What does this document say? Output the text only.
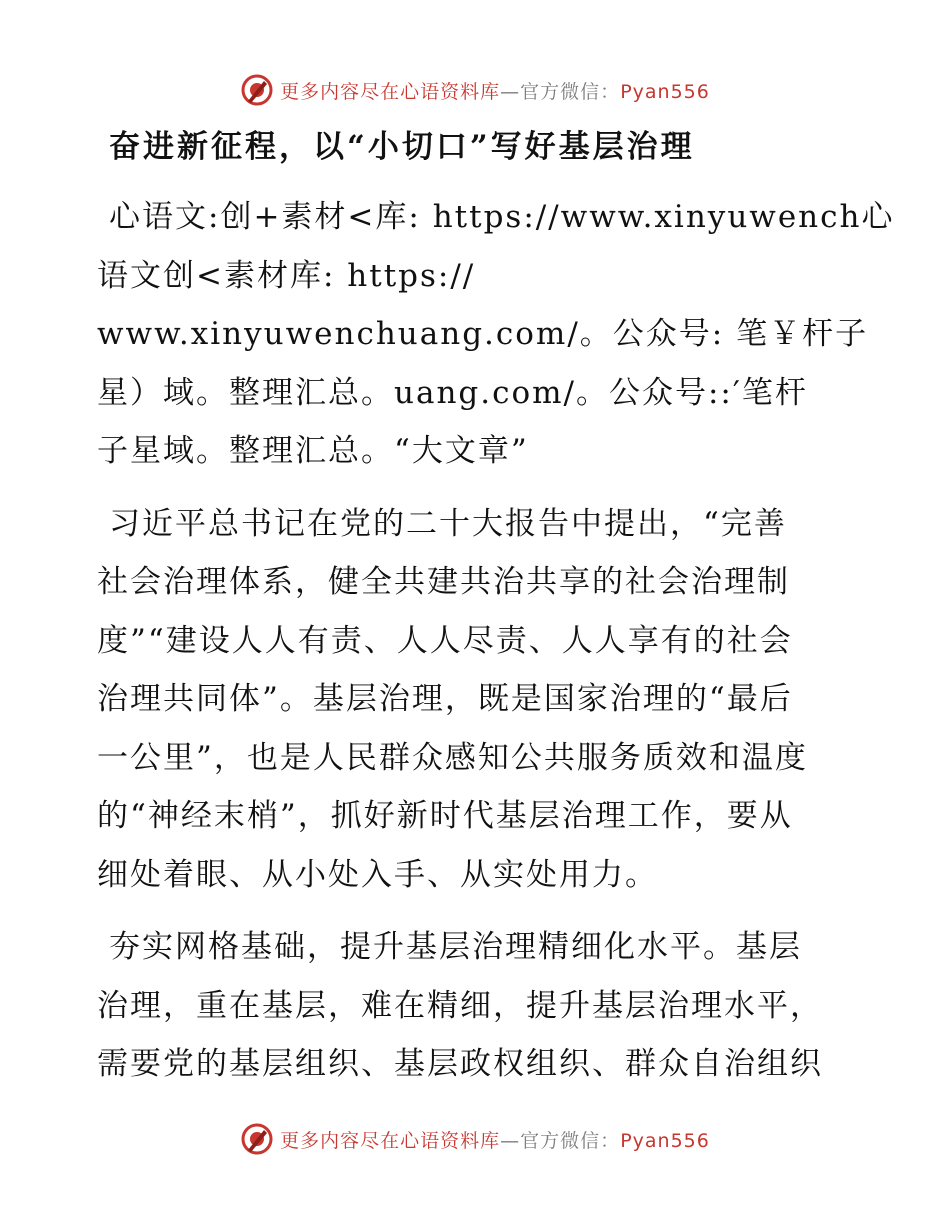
更多内容尽在心语资料库—官方微信：Pyan556
奋进新征程，以“小切口”写好基层治理

心语文:创+素材<库: https://www.xinyuwench心
语文创<素材库: https://
www.xinyuwenchuang.com/。公众号: 笔￥杆子
星）域。整理汇总。uang.com/。公众号::′笔杆
子星域。整理汇总。“大文章”

习近平总书记在党的二十大报告中提出，“完善
社会治理体系，健全共建共治共享的社会治理制
度”“建设人人有责、人人尽责、人人享有的社会
治理共同体”。基层治理，既是国家治理的“最后
一公里”，也是人民群众感知公共服务质效和温度
的“神经末梢”，抓好新时代基层治理工作，要从
细处着眼、从小处入手、从实处用力。

夯实网格基础，提升基层治理精细化水平。基层
治理，重在基层，难在精细，提升基层治理水平，
需要党的基层组织、基层政权组织、群众自治组织

更多内容尽在心语资料库—官方微信：Pyan556
